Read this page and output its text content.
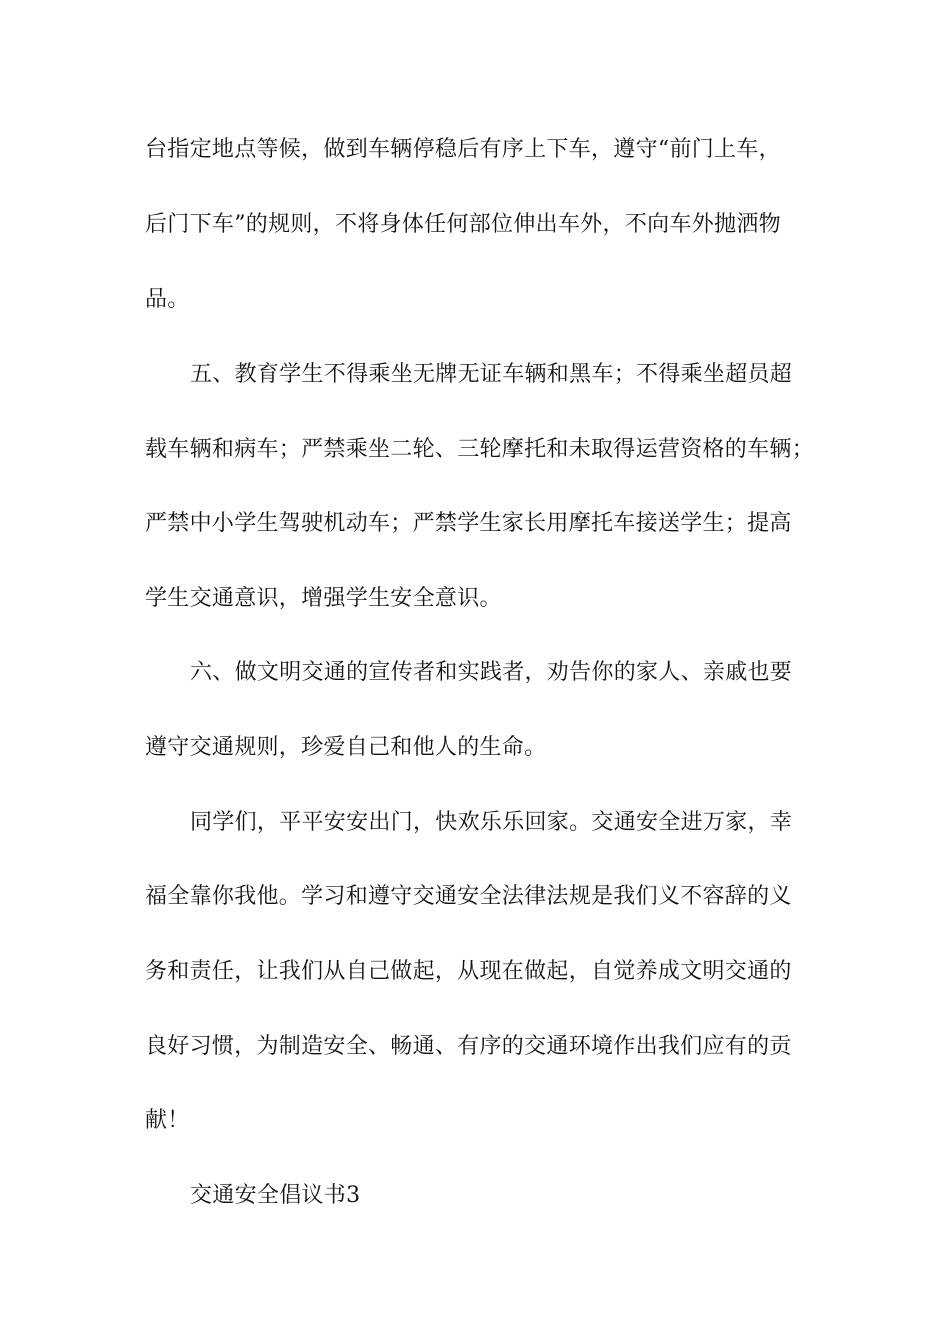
台指定地点等候，做到车辆停稳后有序上下车，遵守“前门上车，
后门下车”的规则，不将身体任何部位伸出车外，不向车外抛洒物
品。
五、教育学生不得乘坐无牌无证车辆和黑车；不得乘坐超员超
载车辆和病车；严禁乘坐二轮、三轮摩托和未取得运营资格的车辆；
严禁中小学生驾驶机动车；严禁学生家长用摩托车接送学生；提高
学生交通意识，增强学生安全意识。
六、做文明交通的宣传者和实践者，劝告你的家人、亲戚也要
遵守交通规则，珍爱自己和他人的生命。
同学们，平平安安出门，快欢乐乐回家。交通安全进万家，幸
福全靠你我他。学习和遵守交通安全法律法规是我们义不容辞的义
务和责任，让我们从自己做起，从现在做起，自觉养成文明交通的
良好习惯，为制造安全、畅通、有序的交通环境作出我们应有的贡
献！
交通安全倡议书3
